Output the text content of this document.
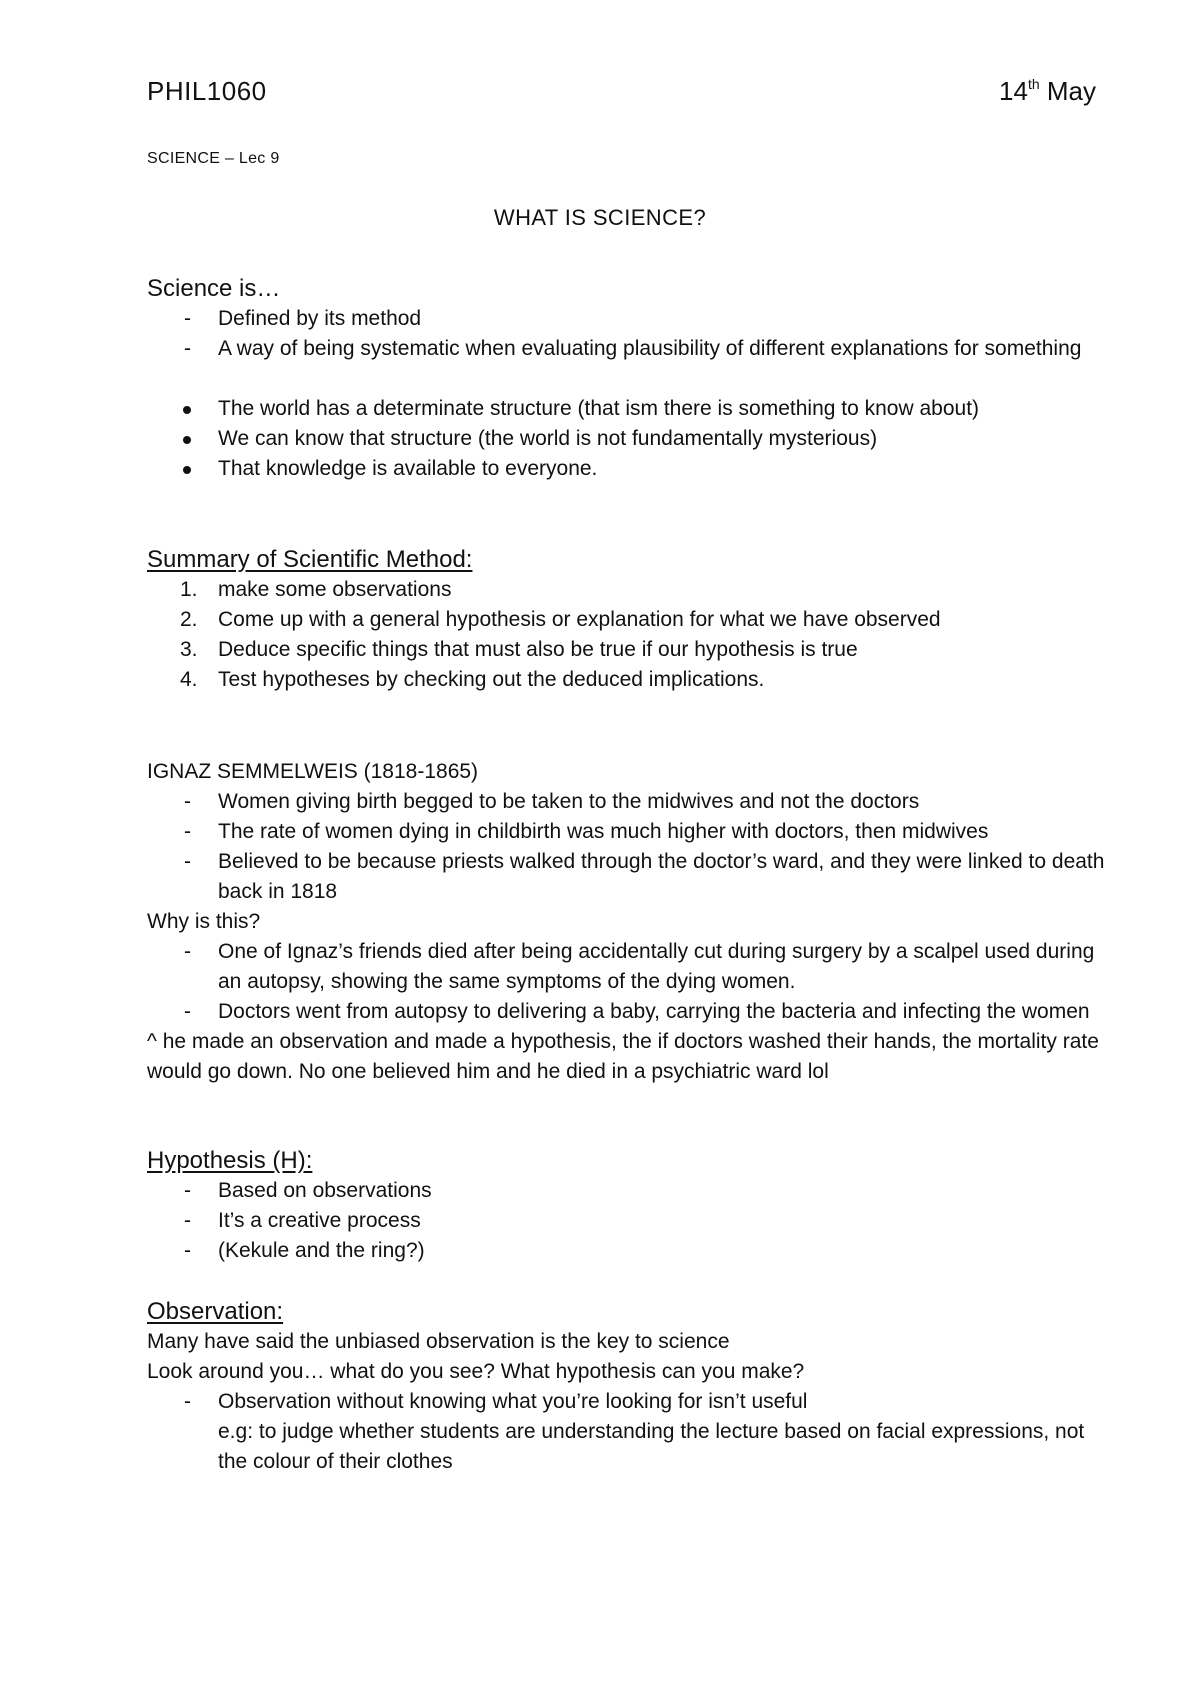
PHIL1060	14th May
SCIENCE – Lec 9
WHAT IS SCIENCE?
Science is…
- Defined by its method
- A way of being systematic when evaluating plausibility of different explanations for something
The world has a determinate structure (that ism there is something to know about)
We can know that structure (the world is not fundamentally mysterious)
That knowledge is available to everyone.
Summary of Scientific Method:
1. make some observations
2. Come up with a general hypothesis or explanation for what we have observed
3. Deduce specific things that must also be true if our hypothesis is true
4. Test hypotheses by checking out the deduced implications.
IGNAZ SEMMELWEIS (1818-1865)
- Women giving birth begged to be taken to the midwives and not the doctors
- The rate of women dying in childbirth was much higher with doctors, then midwives
- Believed to be because priests walked through the doctor’s ward, and they were linked to death back in 1818
Why is this?
- One of Ignaz’s friends died after being accidentally cut during surgery by a scalpel used during an autopsy, showing the same symptoms of the dying women.
- Doctors went from autopsy to delivering a baby, carrying the bacteria and infecting the women
^ he made an observation and made a hypothesis, the if doctors washed their hands, the mortality rate would go down. No one believed him and he died in a psychiatric ward lol
Hypothesis (H):
- Based on observations
- It’s a creative process
- (Kekule and the ring?)
Observation:
Many have said the unbiased observation is the key to science
Look around you… what do you see? What hypothesis can you make?
- Observation without knowing what you’re looking for isn’t useful
e.g: to judge whether students are understanding the lecture based on facial expressions, not the colour of their clothes
